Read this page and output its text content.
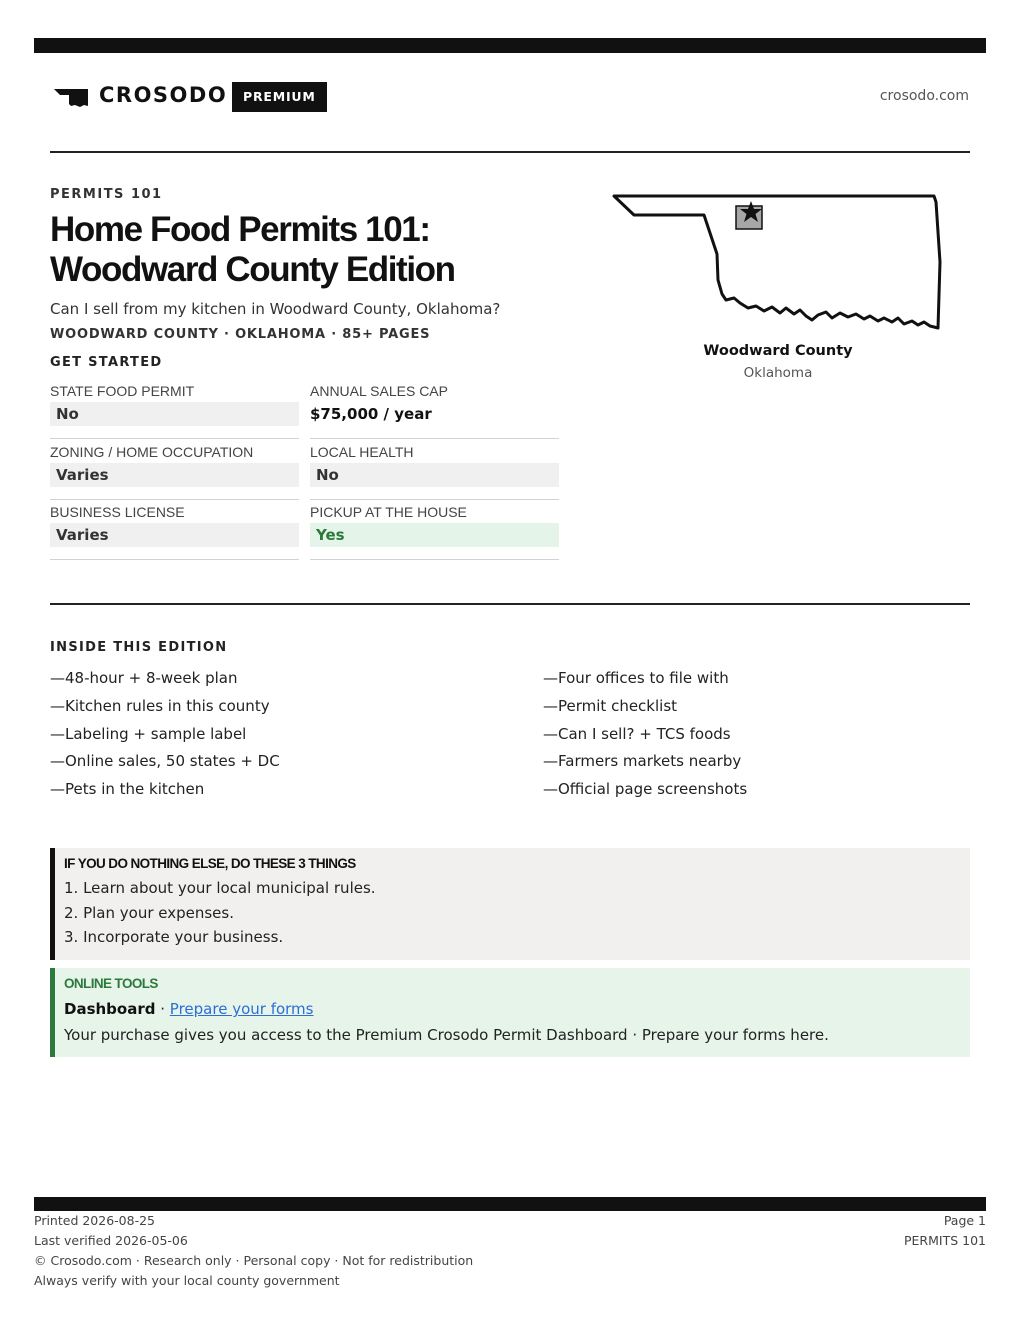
CROSODO	PREMIUM	crosodo.com
PERMITS 101
Home Food Permits 101:
Woodward County Edition
Can I sell from my kitchen in Woodward County, Oklahoma?
WOODWARD COUNTY · OKLAHOMA · 85+ PAGES
GET STARTED
STATE FOOD PERMIT
No
ANNUAL SALES CAP
$75,000 / year
ZONING / HOME OCCUPATION
Varies
LOCAL HEALTH
No
BUSINESS LICENSE
Varies
PICKUP AT THE HOUSE
Yes
Woodward County
Oklahoma
INSIDE THIS EDITION
—48-hour + 8-week plan
—Kitchen rules in this county
—Labeling + sample label
—Online sales, 50 states + DC
—Pets in the kitchen
—Four offices to file with
—Permit checklist
—Can I sell? + TCS foods
—Farmers markets nearby
—Official page screenshots
IF YOU DO NOTHING ELSE, DO THESE 3 THINGS
1. Learn about your local municipal rules.
2. Plan your expenses.
3. Incorporate your business.
ONLINE TOOLS
Dashboard · Prepare your forms
Your purchase gives you access to the Premium Crosodo Permit Dashboard · Prepare your forms here.
Printed 2026-08-25
Last verified 2026-05-06
© Crosodo.com · Research only · Personal copy · Not for redistribution
Always verify with your local county government
Page 1
PERMITS 101
